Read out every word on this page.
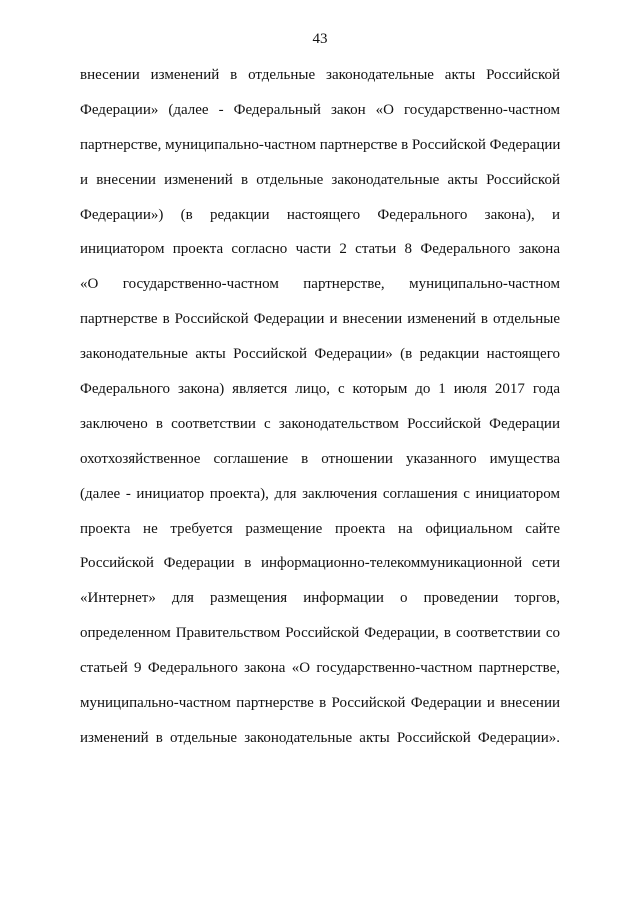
43
внесении изменений в отдельные законодательные акты Российской
Федерации» (далее - Федеральный закон «О государственно-частном
партнерстве, муниципально-частном партнерстве в Российской Федерации
и внесении изменений в отдельные законодательные акты Российской
Федерации») (в редакции настоящего Федерального закона), и
инициатором проекта согласно части 2 статьи 8 Федерального закона
«О государственно-частном партнерстве, муниципально-частном
партнерстве в Российской Федерации и внесении изменений в отдельные
законодательные акты Российской Федерации» (в редакции настоящего
Федерального закона) является лицо, с которым до 1 июля 2017 года
заключено в соответствии с законодательством Российской Федерации
охотхозяйственное соглашение в отношении указанного имущества
(далее - инициатор проекта), для заключения соглашения с инициатором
проекта не требуется размещение проекта на официальном сайте
Российской Федерации в информационно-телекоммуникационной сети
«Интернет» для размещения информации о проведении торгов,
определенном Правительством Российской Федерации, в соответствии со
статьей 9 Федерального закона «О государственно-частном партнерстве,
муниципально-частном партнерстве в Российской Федерации и внесении
изменений в отдельные законодательные акты Российской Федерации».
